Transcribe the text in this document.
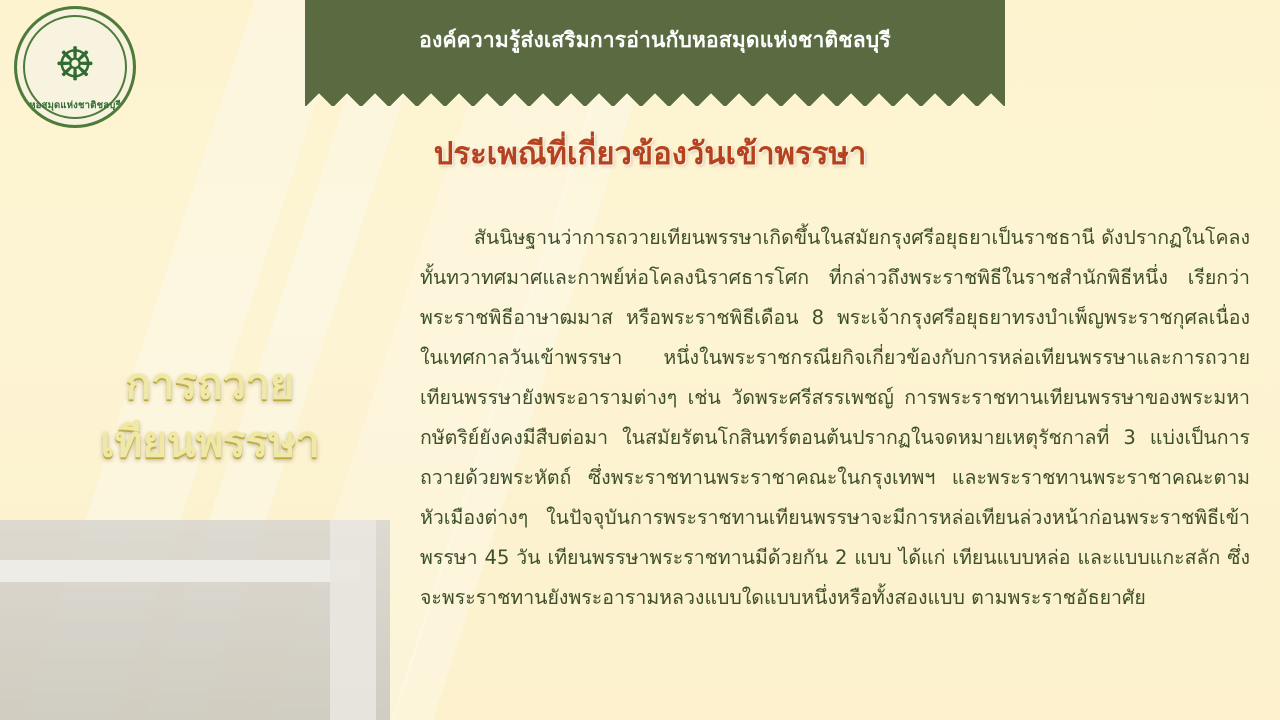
☸
หอสมุดแห่งชาติชลบุรี
องค์ความรู้ส่งเสริมการอ่านกับหอสมุดแห่งชาติชลบุรี
ประเพณีที่เกี่ยวข้องวันเข้าพรรษา
การถวาย
เทียนพรรษา
สันนิษฐานว่าการถวายเทียนพรรษาเกิดขึ้นในสมัยกรุงศรีอยุธยาเป็นราชธานี ดังปรากฏในโคลงทั้นทวาทศมาศและกาพย์ห่อโคลงนิราศธารโศก ที่กล่าวถึงพระราชพิธีในราชสำนักพิธีหนึ่ง เรียกว่า พระราชพิธีอาษาฒมาส หรือพระราชพิธีเดือน 8 พระเจ้ากรุงศรีอยุธยาทรงบำเพ็ญพระราชกุศลเนื่องในเทศกาลวันเข้าพรรษา หนึ่งในพระราชกรณียกิจเกี่ยวข้องกับการหล่อเทียนพรรษาและการถวายเทียนพรรษายังพระอารามต่างๆ เช่น วัดพระศรีสรรเพชญ์ การพระราชทานเทียนพรรษาของพระมหากษัตริย์ยังคงมีสืบต่อมา ในสมัยรัตนโกสินทร์ตอนต้นปรากฏในจดหมายเหตุรัชกาลที่ 3 แบ่งเป็นการถวายด้วยพระหัตถ์ ซึ่งพระราชทานพระราชาคณะในกรุงเทพฯ และพระราชทานพระราชาคณะตามหัวเมืองต่างๆ ในปัจจุบันการพระราชทานเทียนพรรษาจะมีการหล่อเทียนล่วงหน้าก่อนพระราชพิธีเข้าพรรษา 45 วัน เทียนพรรษาพระราชทานมีด้วยกัน 2 แบบ ได้แก่ เทียนแบบหล่อ และแบบแกะสลัก ซึ่งจะพระราชทานยังพระอารามหลวงแบบใดแบบหนึ่งหรือทั้งสองแบบ ตามพระราชอัธยาศัย
